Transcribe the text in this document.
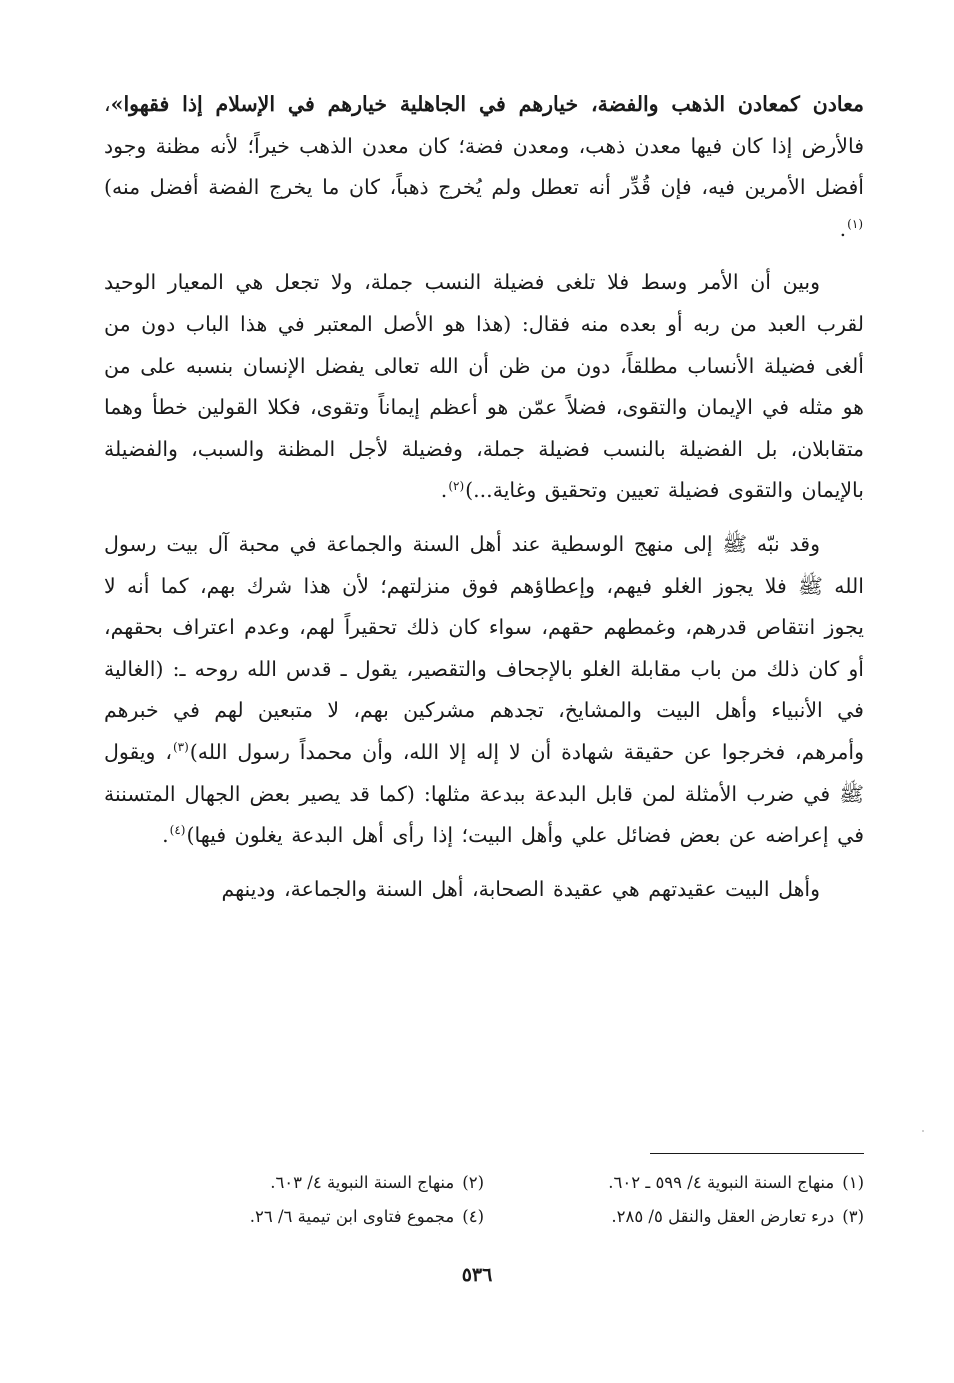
معادن كمعادن الذهب والفضة، خيارهم في الجاهلية خيارهم في الإسلام إذا فقهوا»، فالأرض إذا كان فيها معدن ذهب، ومعدن فضة؛ كان معدن الذهب خيراً؛ لأنه مظنة وجود أفضل الأمرين فيه، فإن قُدِّر أنه تعطل ولم يُخرج ذهباً، كان ما يخرج الفضة أفضل منه)$^{(١)}$.

وبين أن الأمر وسط فلا تلغى فضيلة النسب جملة، ولا تجعل هي المعيار الوحيد لقرب العبد من ربه أو بعده منه فقال: (هذا هو الأصل المعتبر في هذا الباب دون من ألغى فضيلة الأنساب مطلقاً، دون من ظن أن الله تعالى يفضل الإنسان بنسبه على من هو مثله في الإيمان والتقوى، فضلاً عمّن هو أعظم إيماناً وتقوى، فكلا القولين خطأ وهما متقابلان، بل الفضيلة بالنسب فضيلة جملة، وفضيلة لأجل المظنة والسبب، والفضيلة بالإيمان والتقوى فضيلة تعيين وتحقيق وغاية...)$^{(٢)}$.

وقد نبّه ﷺ إلى منهج الوسطية عند أهل السنة والجماعة في محبة آل بيت رسول الله ﷺ فلا يجوز الغلو فيهم، وإعطاؤهم فوق منزلتهم؛ لأن هذا شرك بهم، كما أنه لا يجوز انتقاص قدرهم، وغمطهم حقهم، سواء كان ذلك تحقيراً لهم، وعدم اعتراف بحقهم، أو كان ذلك من باب مقابلة الغلو بالإجحاف والتقصير، يقول ـ قدس الله روحه ـ: (الغالية في الأنبياء وأهل البيت والمشايخ، تجدهم مشركين بهم، لا متبعين لهم في خبرهم وأمرهم، فخرجوا عن حقيقة شهادة أن لا إله إلا الله، وأن محمداً رسول الله)$^{(٣)}$، ويقول ﷺ في ضرب الأمثلة لمن قابل البدعة ببدعة مثلها: (كما قد يصير بعض الجهال المتسننة في إعراضه عن بعض فضائل علي وأهل البيت؛ إذا رأى أهل البدعة يغلون فيها)$^{(٤)}$.

وأهل البيت عقيدتهم هي عقيدة الصحابة، أهل السنة والجماعة، ودينهم

(١)منهاج السنة النبوية ٤/ ٥٩٩ ـ ٦٠٢.
(٢)منهاج السنة النبوية ٤/ ٦٠٣.
(٣)درء تعارض العقل والنقل ٥/ ٢٨٥.
(٤)مجموع فتاوى ابن تيمية ٦/ ٢٦.
٥٣٦
